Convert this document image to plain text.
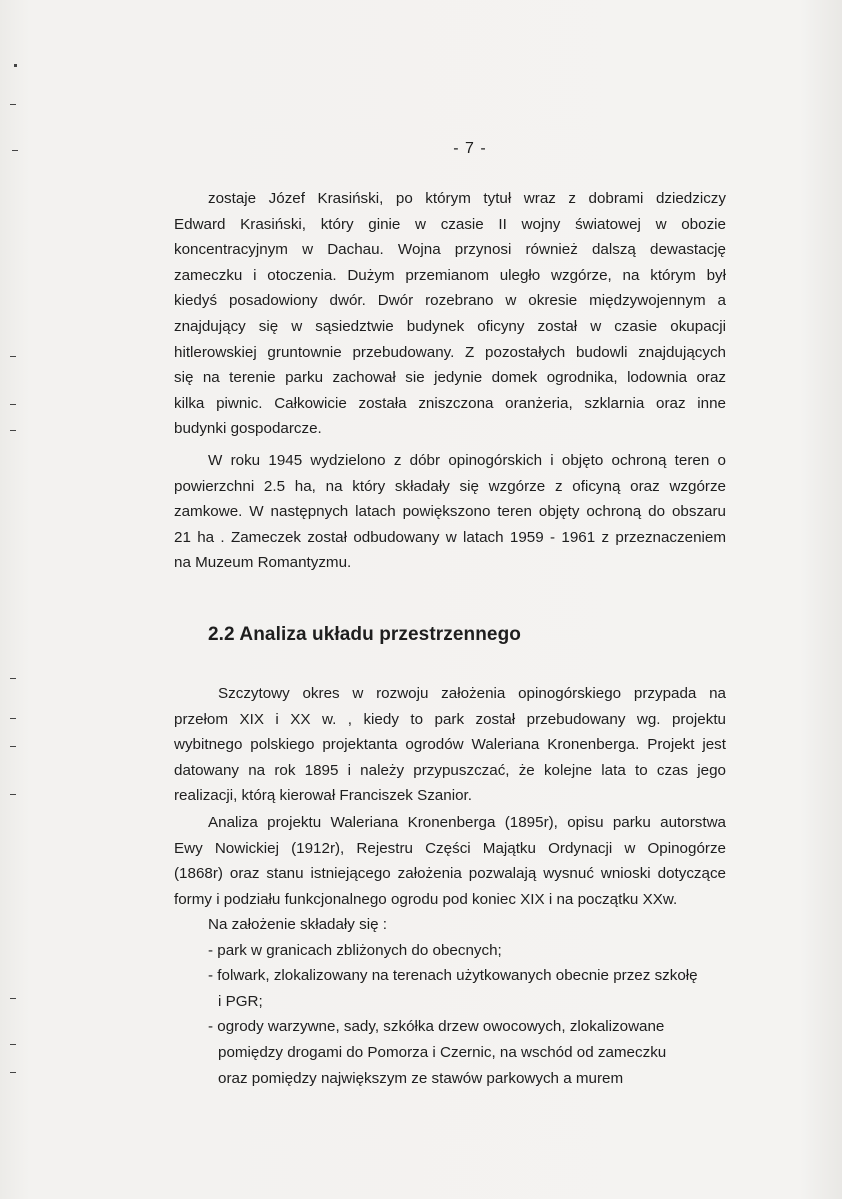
- 7 -
zostaje Józef Krasiński, po którym tytuł wraz z dobrami dziedziczy
Edward Krasiński, który ginie w czasie II wojny światowej w obozie
koncentracyjnym w Dachau. Wojna przynosi również dalszą dewastację
zameczku i otoczenia. Dużym przemianom uległo wzgórze, na którym był
kiedyś posadowiony dwór. Dwór rozebrano w okresie międzywojennym a
znajdujący się w sąsiedztwie budynek oficyny został w czasie okupacji
hitlerowskiej gruntownie przebudowany. Z pozostałych budowli znajdujących
się na terenie parku zachował sie jedynie domek ogrodnika, lodownia oraz
kilka piwnic. Całkowicie została zniszczona oranżeria, szklarnia oraz inne
budynki gospodarcze.
W roku 1945 wydzielono z dóbr opinogórskich i objęto ochroną teren o
powierzchni 2.5 ha, na który składały się wzgórze z oficyną oraz wzgórze
zamkowe. W następnych latach powiększono teren objęty ochroną do obszaru
21 ha . Zameczek został odbudowany w latach 1959 - 1961 z przeznaczeniem
na Muzeum Romantyzmu.
2.2 Analiza układu przestrzennego
Szczytowy okres w rozwoju założenia opinogórskiego przypada na
przełom XIX i XX w. , kiedy to park został przebudowany wg. projektu
wybitnego polskiego projektanta ogrodów Waleriana Kronenberga. Projekt jest
datowany na rok 1895 i należy przypuszczać, że kolejne lata to czas jego
realizacji, którą kierował Franciszek Szanior.
Analiza projektu Waleriana Kronenberga (1895r), opisu parku autorstwa
Ewy Nowickiej (1912r), Rejestru Części Majątku Ordynacji w Opinogórze
(1868r) oraz stanu istniejącego założenia pozwalają wysnuć wnioski dotyczące
formy i podziału funkcjonalnego ogrodu pod koniec XIX i na początku XXw.
Na założenie składały się :
- park w granicach zbliżonych do obecnych;
- folwark, zlokalizowany na terenach użytkowanych obecnie przez szkołę
i PGR;
- ogrody warzywne, sady, szkółka drzew owocowych, zlokalizowane
pomiędzy drogami do Pomorza i Czernic, na wschód od zameczku
oraz pomiędzy największym ze stawów parkowych a murem
